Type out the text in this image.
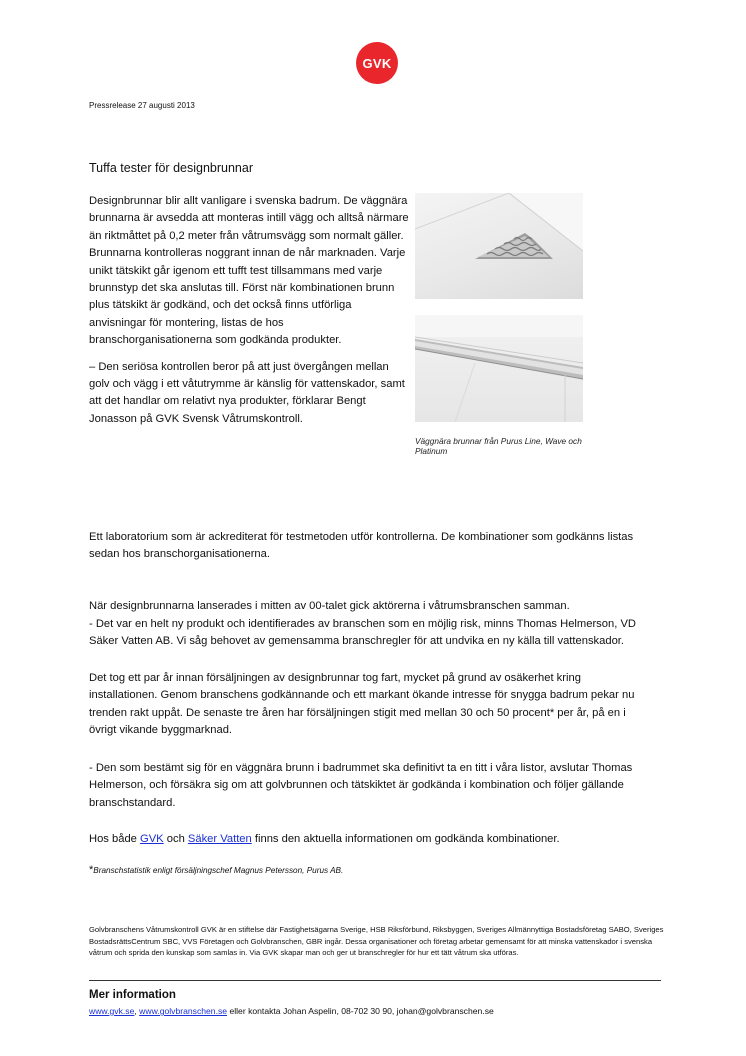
GVK
Pressrelease 27 augusti 2013
Tuffa tester för designbrunnar

Designbrunnar blir allt vanligare i svenska badrum. De väggnära brunnarna är avsedda att monteras intill vägg och alltså närmare än riktmåttet på 0,2 meter från våtrumsvägg som normalt gäller. Brunnarna kontrolleras noggrant innan de når marknaden. Varje unikt tätskikt går igenom ett tufft test tillsammans med varje brunnstyp det ska anslutas till. Först när kombinationen brunn plus tätskikt är godkänd, och det också finns utförliga anvisningar för montering, listas de hos branschorganisationerna som godkända produkter.

– Den seriösa kontrollen beror på att just övergången mellan golv och vägg i ett våtutrymme är känslig för vattenskador, samt att det handlar om relativt nya produkter, förklarar Bengt Jonasson på GVK Svensk Våtrumskontroll.

Väggnära brunnar från Purus Line, Wave och Platinum

Ett laboratorium som är ackrediterat för testmetoden utför kontrollerna. De kombinationer som godkänns listas sedan hos branschorganisationerna.

När designbrunnarna lanserades i mitten av 00-talet gick aktörerna i våtrumsbranschen samman.
- Det var en helt ny produkt och identifierades av branschen som en möjlig risk, minns Thomas Helmerson, VD Säker Vatten AB. Vi såg behovet av gemensamma branschregler för att undvika en ny källa till vattenskador.

Det tog ett par år innan försäljningen av designbrunnar tog fart, mycket på grund av osäkerhet kring installationen. Genom branschens godkännande och ett markant ökande intresse för snygga badrum pekar nu trenden rakt uppåt. De senaste tre åren har försäljningen stigit med mellan 30 och 50 procent* per år, på en i övrigt vikande byggmarknad.

- Den som bestämt sig för en väggnära brunn i badrummet ska definitivt ta en titt i våra listor, avslutar Thomas Helmerson, och försäkra sig om att golvbrunnen och tätskiktet är godkända i kombination och följer gällande branschstandard.

Hos både GVK och Säker Vatten finns den aktuella informationen om godkända kombinationer.
*Branschstatistik enligt försäljningschef Magnus Petersson, Purus AB.
Golvbranschens Våtrumskontroll GVK är en stiftelse där Fastighetsägarna Sverige, HSB Riksförbund, Riksbyggen, Sveriges Allmännyttiga Bostadsföretag SABO, Sveriges BostadsrättsCentrum SBC, VVS Företagen och Golvbranschen, GBR ingår. Dessa organisationer och företag arbetar gemensamt för att minska vattenskador i svenska våtrum och sprida den kunskap som samlas in. Via GVK skapar man och ger ut branschregler för hur ett tätt våtrum ska utföras.
Mer information
www.gvk.se, www.golvbranschen.se eller kontakta Johan Aspelin, 08-702 30 90, johan@golvbranschen.se
